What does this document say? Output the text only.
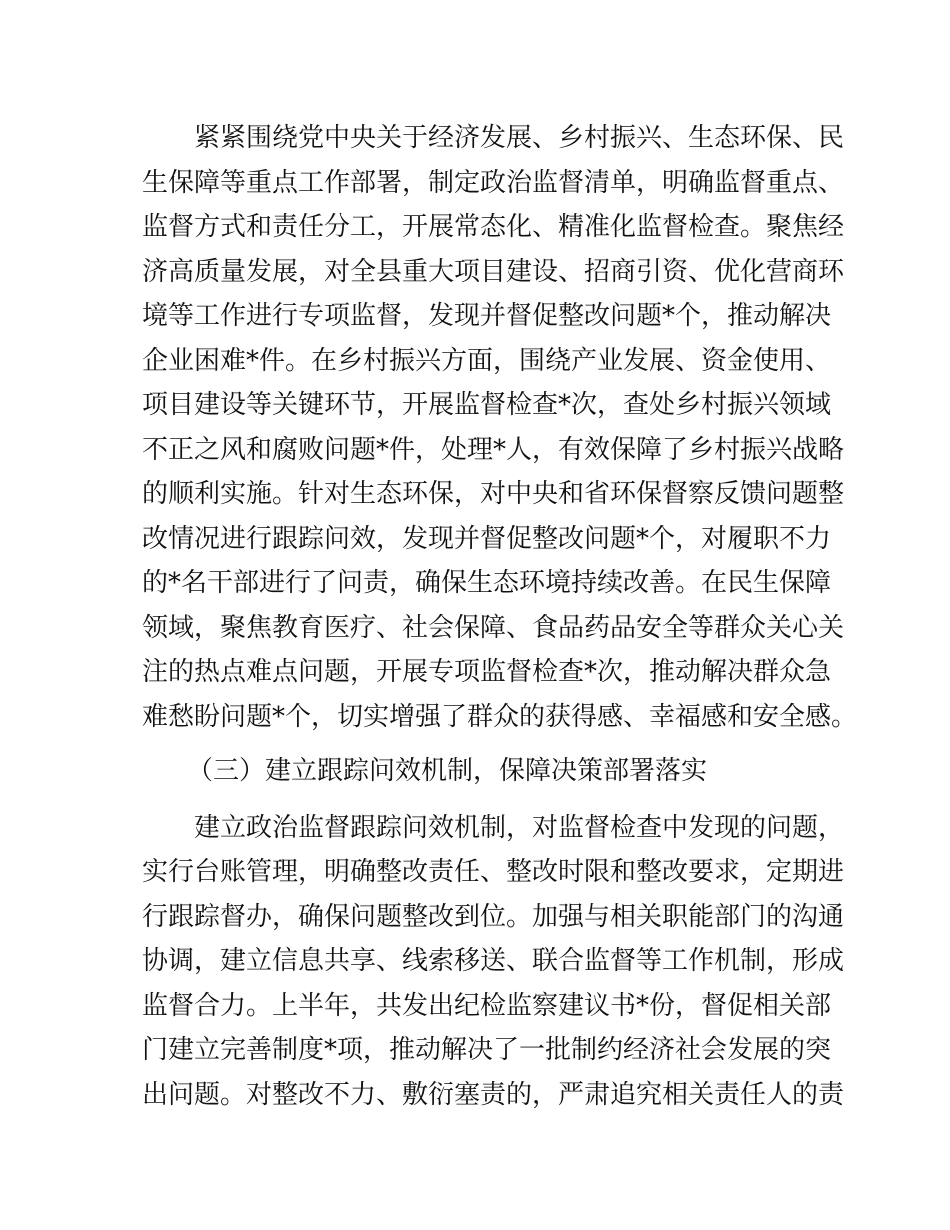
　　紧紧围绕党中央关于经济发展、乡村振兴、生态环保、民
生保障等重点工作部署，制定政治监督清单，明确监督重点、
监督方式和责任分工，开展常态化、精准化监督检查。聚焦经
济高质量发展，对全县重大项目建设、招商引资、优化营商环
境等工作进行专项监督，发现并督促整改问题*个，推动解决
企业困难*件。在乡村振兴方面，围绕产业发展、资金使用、
项目建设等关键环节，开展监督检查*次，查处乡村振兴领域
不正之风和腐败问题*件，处理*人，有效保障了乡村振兴战略
的顺利实施。针对生态环保，对中央和省环保督察反馈问题整
改情况进行跟踪问效，发现并督促整改问题*个，对履职不力
的*名干部进行了问责，确保生态环境持续改善。在民生保障
领域，聚焦教育医疗、社会保障、食品药品安全等群众关心关
注的热点难点问题，开展专项监督检查*次，推动解决群众急
难愁盼问题*个，切实增强了群众的获得感、幸福感和安全感。
（三）建立跟踪问效机制，保障决策部署落实
　　建立政治监督跟踪问效机制，对监督检查中发现的问题，
实行台账管理，明确整改责任、整改时限和整改要求，定期进
行跟踪督办，确保问题整改到位。加强与相关职能部门的沟通
协调，建立信息共享、线索移送、联合监督等工作机制，形成
监督合力。上半年，共发出纪检监察建议书*份，督促相关部
门建立完善制度*项，推动解决了一批制约经济社会发展的突
出问题。对整改不力、敷衍塞责的，严肃追究相关责任人的责
